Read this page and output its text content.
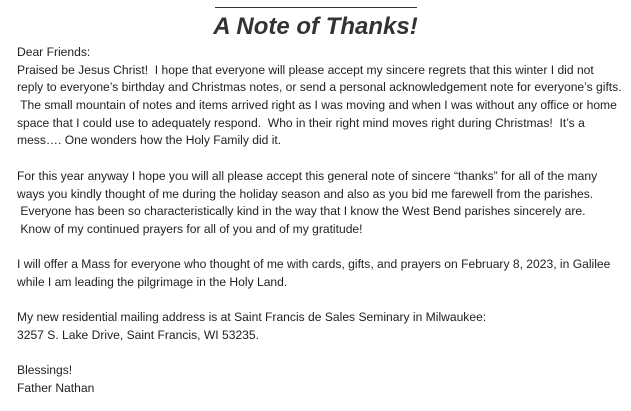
A Note of Thanks!
Dear Friends:
Praised be Jesus Christ!  I hope that everyone will please accept my sincere regrets that this winter I did not
reply to everyone’s birthday and Christmas notes, or send a personal acknowledgement note for everyone’s gifts.
The small mountain of notes and items arrived right as I was moving and when I was without any office or home
space that I could use to adequately respond.  Who in their right mind moves right during Christmas!  It’s a
mess…. One wonders how the Holy Family did it.
For this year anyway I hope you will all please accept this general note of sincere “thanks” for all of the many
ways you kindly thought of me during the holiday season and also as you bid me farewell from the parishes.
Everyone has been so characteristically kind in the way that I know the West Bend parishes sincerely are.
Know of my continued prayers for all of you and of my gratitude!
I will offer a Mass for everyone who thought of me with cards, gifts, and prayers on February 8, 2023, in Galilee
while I am leading the pilgrimage in the Holy Land.
My new residential mailing address is at Saint Francis de Sales Seminary in Milwaukee:
3257 S. Lake Drive, Saint Francis, WI 53235.
Blessings!
Father Nathan
